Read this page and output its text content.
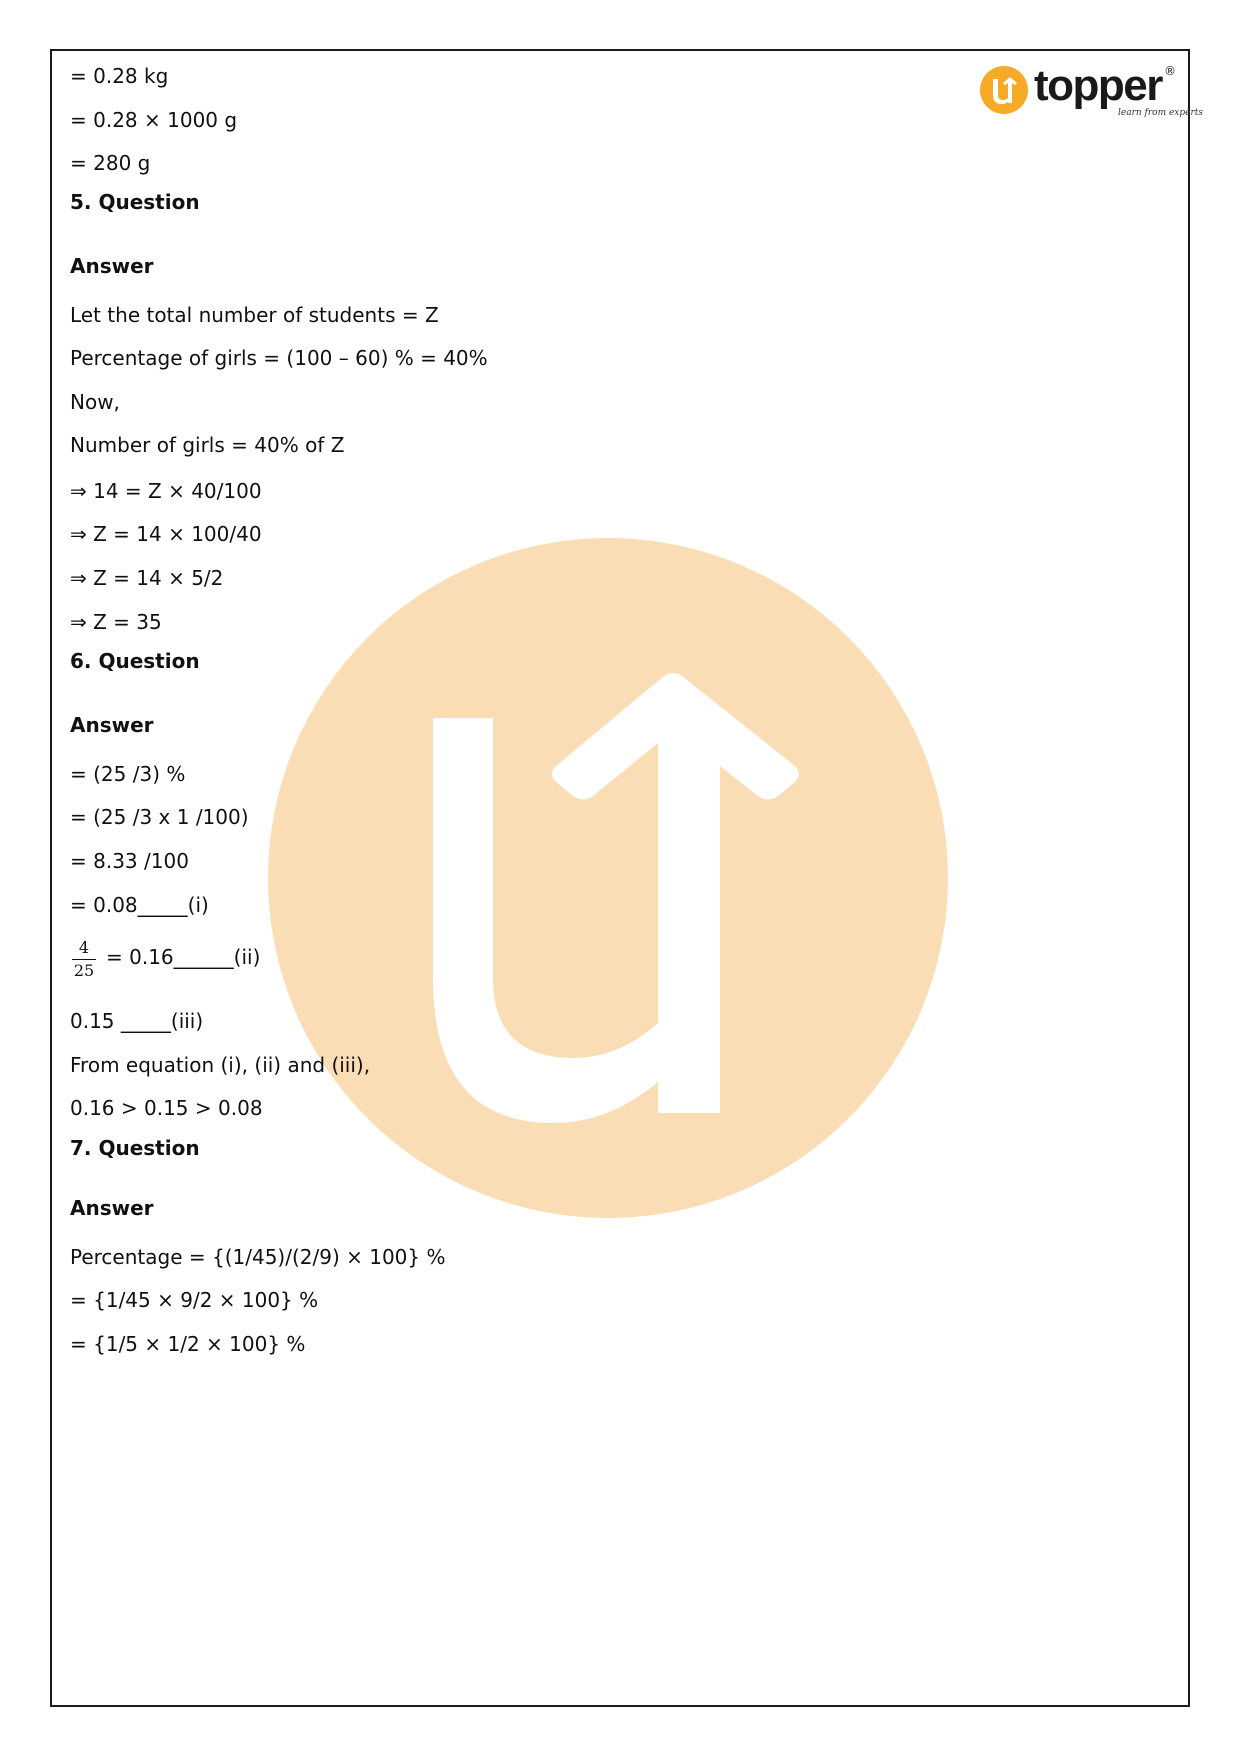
topper ®
learn from experts
= 0.28 kg
= 0.28 × 1000 g
= 280 g
5. Question
Answer
Let the total number of students = Z
Percentage of girls = (100 – 60) % = 40%
Now,
Number of girls = 40% of Z
⇒ 14 = Z × 40/100
⇒ Z = 14 × 100/40
⇒ Z = 14 × 5/2
⇒ Z = 35
6. Question
Answer
= (25 /3) %
= (25 /3 x 1 /100)
= 8.33 /100
= 0.08_____(i)
4
25
= 0.16______(ii)
0.15 _____(iii)
From equation (i), (ii) and (iii),
0.16 > 0.15 > 0.08
7. Question
Answer
Percentage = {(1/45)/(2/9) × 100} %
= {1/45 × 9/2 × 100} %
= {1/5 × 1/2 × 100} %
